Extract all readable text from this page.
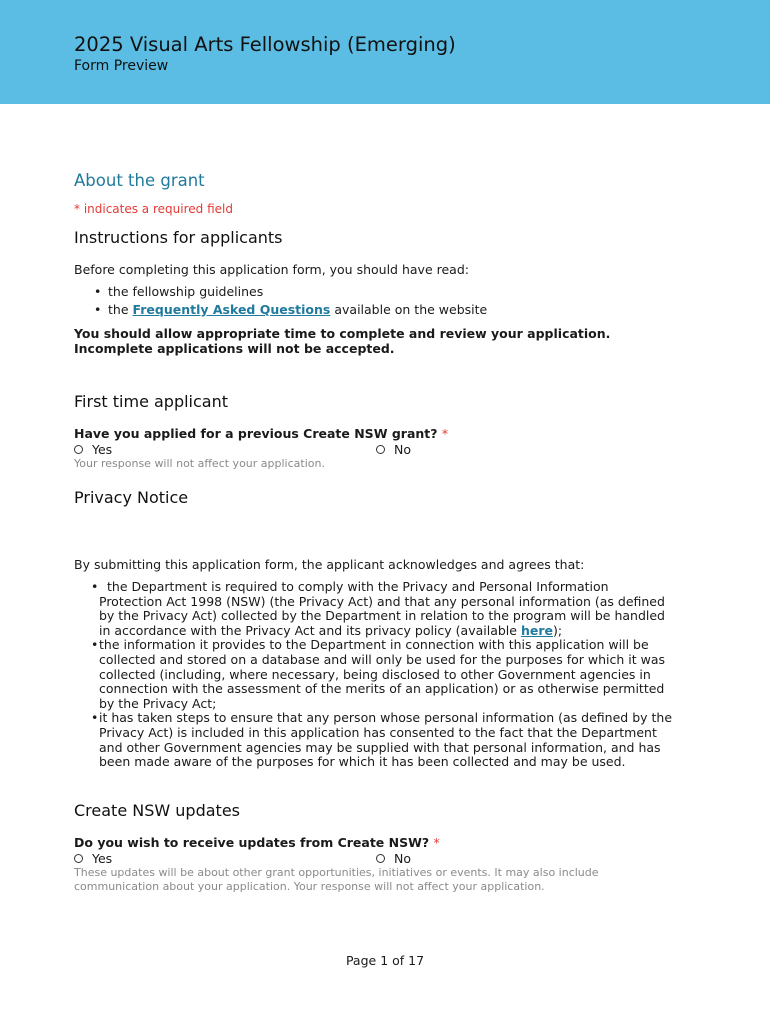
2025 Visual Arts Fellowship (Emerging)
Form Preview
About the grant
* indicates a required field
Instructions for applicants
Before completing this application form, you should have read:
• the fellowship guidelines
• the Frequently Asked Questions available on the website
You should allow appropriate time to complete and review your application.
Incomplete applications will not be accepted.
First time applicant
Have you applied for a previous Create NSW grant? *
Yes	No
Your response will not affect your application.
Privacy Notice
By submitting this application form, the applicant acknowledges and agrees that:
• the Department is required to comply with the Privacy and Personal Information Protection Act 1998 (NSW) (the Privacy Act) and that any personal information (as defined by the Privacy Act) collected by the Department in relation to the program will be handled in accordance with the Privacy Act and its privacy policy (available here);
• the information it provides to the Department in connection with this application will be collected and stored on a database and will only be used for the purposes for which it was collected (including, where necessary, being disclosed to other Government agencies in connection with the assessment of the merits of an application) or as otherwise permitted by the Privacy Act;
• it has taken steps to ensure that any person whose personal information (as defined by the Privacy Act) is included in this application has consented to the fact that the Department and other Government agencies may be supplied with that personal information, and has been made aware of the purposes for which it has been collected and may be used.
Create NSW updates
Do you wish to receive updates from Create NSW? *
Yes	No
These updates will be about other grant opportunities, initiatives or events. It may also include communication about your application. Your response will not affect your application.
Page 1 of 17
